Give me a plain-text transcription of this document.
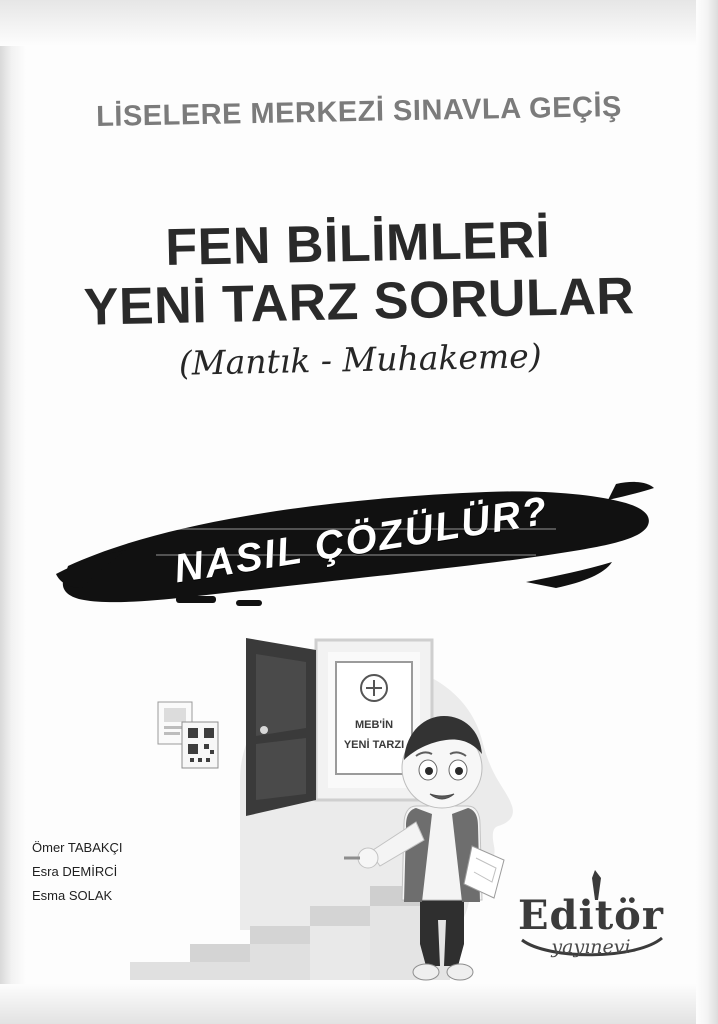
LİSELERE MERKEZİ SINAVLA GEÇİŞ
FEN BİLİMLERİ
YENİ TARZ SORULAR
(Mantık - Muhakeme)
NASIL ÇÖZÜLÜR?
MEB'İN
YENİ TARZI
Ömer TABAKÇI
Esra DEMİRCİ
Esma SOLAK	Editör
yayınevi
